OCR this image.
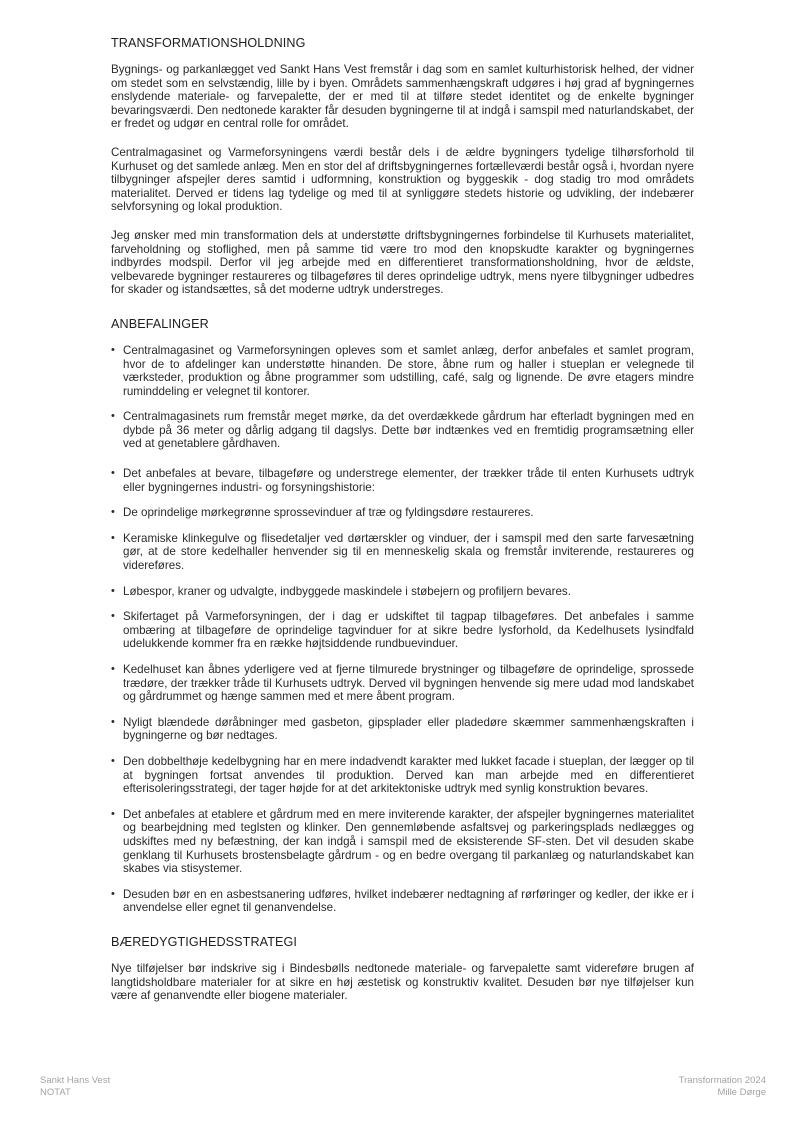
TRANSFORMATIONSHOLDNING

Bygnings- og parkanlægget ved Sankt Hans Vest fremstår i dag som en samlet kulturhistorisk helhed, der vidner om stedet som en selvstændig, lille by i byen. Områdets sammenhængskraft udgøres i høj grad af bygningernes enslydende materiale- og farvepalette, der er med til at tilføre stedet identitet og de enkelte bygninger bevaringsværdi. Den nedtonede karakter får desuden bygningerne til at indgå i samspil med naturlandskabet, der er fredet og udgør en central rolle for området.

Centralmagasinet og Varmeforsyningens værdi består dels i de ældre bygningers tydelige tilhørsforhold til Kurhuset og det samlede anlæg. Men en stor del af driftsbygningernes fortælleværdi består også i, hvordan nyere tilbygninger afspejler deres samtid i udformning, konstruktion og byggeskik - dog stadig tro mod områdets materialitet. Derved er tidens lag tydelige og med til at synliggøre stedets historie og udvikling, der indebærer selvforsyning og lokal produktion.

Jeg ønsker med min transformation dels at understøtte driftsbygningernes forbindelse til Kurhusets materialitet, farveholdning og stoflighed, men på samme tid være tro mod den knopskudte karakter og bygningernes indbyrdes modspil. Derfor vil jeg arbejde med en differentieret transformationsholdning, hvor de ældste, velbevarede bygninger restaureres og tilbageføres til deres oprindelige udtryk, mens nyere tilbygninger udbedres for skader og istandsættes, så det moderne udtryk understreges.

ANBEFALINGER
• Centralmagasinet og Varmeforsyningen opleves som et samlet anlæg, derfor anbefales et samlet program, hvor de to afdelinger kan understøtte hinanden. De store, åbne rum og haller i stueplan er velegnede til værksteder, produktion og åbne programmer som udstilling, café, salg og lignende. De øvre etagers mindre ruminddeling er velegnet til kontorer.
• Centralmagasinets rum fremstår meget mørke, da det overdækkede gårdrum har efterladt bygningen med en dybde på 36 meter og dårlig adgang til dagslys. Dette bør indtænkes ved en fremtidig programsætning eller ved at genetablere gårdhaven.
• Det anbefales at bevare, tilbageføre og understrege elementer, der trækker tråde til enten Kurhusets udtryk eller bygningernes industri- og forsyningshistorie:
• De oprindelige mørkegrønne sprossevinduer af træ og fyldingsdøre restaureres.
• Keramiske klinkegulve og flisedetaljer ved dørtærskler og vinduer, der i samspil med den sarte farvesætning gør, at de store kedelhaller henvender sig til en menneskelig skala og fremstår inviterende, restaureres og videreføres.
• Løbespor, kraner og udvalgte, indbyggede maskindele i støbejern og profiljern bevares.
• Skifertaget på Varmeforsyningen, der i dag er udskiftet til tagpap tilbageføres. Det anbefales i samme ombæring at tilbageføre de oprindelige tagvinduer for at sikre bedre lysforhold, da Kedelhusets lysindfald udelukkende kommer fra en række højtsiddende rundbuevinduer.
• Kedelhuset kan åbnes yderligere ved at fjerne tilmurede brystninger og tilbageføre de oprindelige, sprossede trædøre, der trækker tråde til Kurhusets udtryk. Derved vil bygningen henvende sig mere udad mod landskabet og gårdrummet og hænge sammen med et mere åbent program.
• Nyligt blændede døråbninger med gasbeton, gipsplader eller pladedøre skæmmer sammenhængskraften i bygningerne og bør nedtages.
• Den dobbelthøje kedelbygning har en mere indadvendt karakter med lukket facade i stueplan, der lægger op til at bygningen fortsat anvendes til produktion. Derved kan man arbejde med en differentieret efterisoleringsstrategi, der tager højde for at det arkitektoniske udtryk med synlig konstruktion bevares.
• Det anbefales at etablere et gårdrum med en mere inviterende karakter, der afspejler bygningernes materialitet og bearbejdning med teglsten og klinker. Den gennemløbende asfaltsvej og parkeringsplads nedlægges og udskiftes med ny befæstning, der kan indgå i samspil med de eksisterende SF-sten. Det vil desuden skabe genklang til Kurhusets brostensbelagte gårdrum - og en bedre overgang til parkanlæg og naturlandskabet kan skabes via stisystemer.
• Desuden bør en en asbestsanering udføres, hvilket indebærer nedtagning af rørføringer og kedler, der ikke er i anvendelse eller egnet til genanvendelse.
BÆREDYGTIGHEDSSTRATEGI

Nye tilføjelser bør indskrive sig i Bindesbølls nedtonede materiale- og farvepalette samt videreføre brugen af langtidsholdbare materialer for at sikre en høj æstetisk og konstruktiv kvalitet. Desuden bør nye tilføjelser kun være af genanvendte eller biogene materialer.

Sankt Hans Vest
NOTAT
Transformation 2024
Mille Dørge
